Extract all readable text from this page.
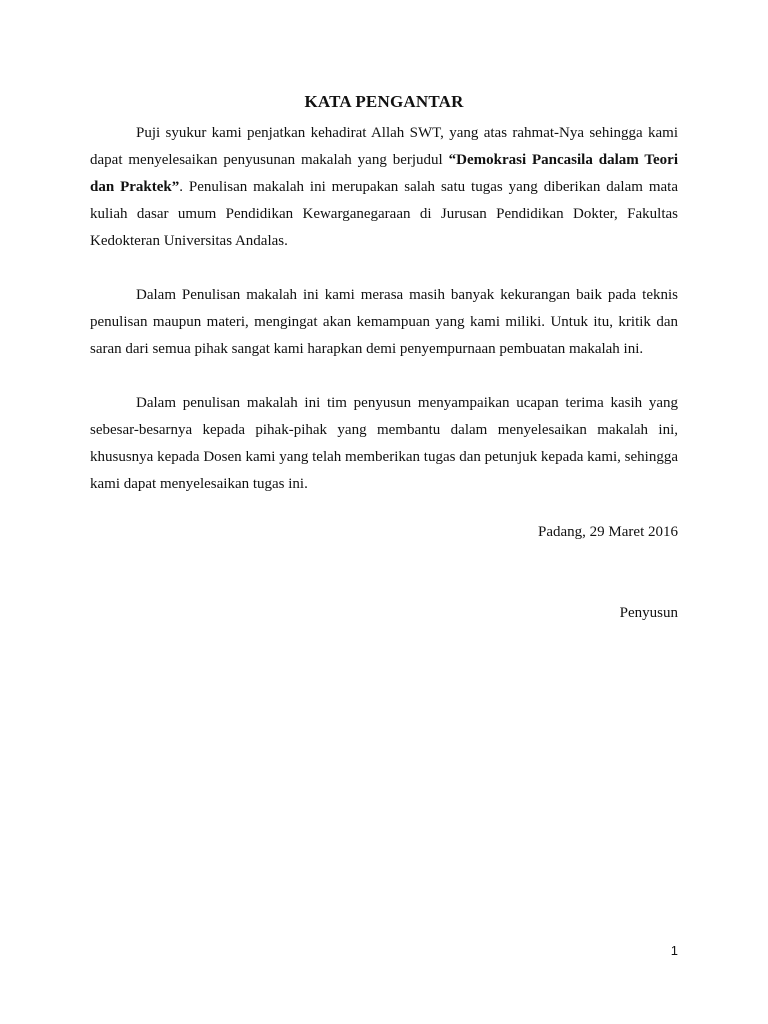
KATA PENGANTAR

Puji syukur kami penjatkan kehadirat Allah SWT, yang atas rahmat-Nya sehingga kami dapat menyelesaikan penyusunan makalah yang berjudul “Demokrasi Pancasila dalam Teori dan Praktek”. Penulisan makalah ini merupakan salah satu tugas yang diberikan dalam mata kuliah dasar umum Pendidikan Kewarganegaraan di Jurusan Pendidikan Dokter, Fakultas Kedokteran Universitas Andalas.

Dalam Penulisan makalah ini kami merasa masih banyak kekurangan baik pada teknis penulisan maupun materi, mengingat akan kemampuan yang kami miliki. Untuk itu, kritik dan saran dari semua pihak sangat kami harapkan demi penyempurnaan pembuatan makalah ini.

Dalam penulisan makalah ini tim penyusun menyampaikan ucapan terima kasih yang sebesar-besarnya kepada pihak-pihak yang membantu dalam menyelesaikan makalah ini, khususnya kepada Dosen kami yang telah memberikan tugas dan petunjuk kepada kami, sehingga kami dapat menyelesaikan tugas ini.

Padang, 29 Maret 2016
Penyusun
1
